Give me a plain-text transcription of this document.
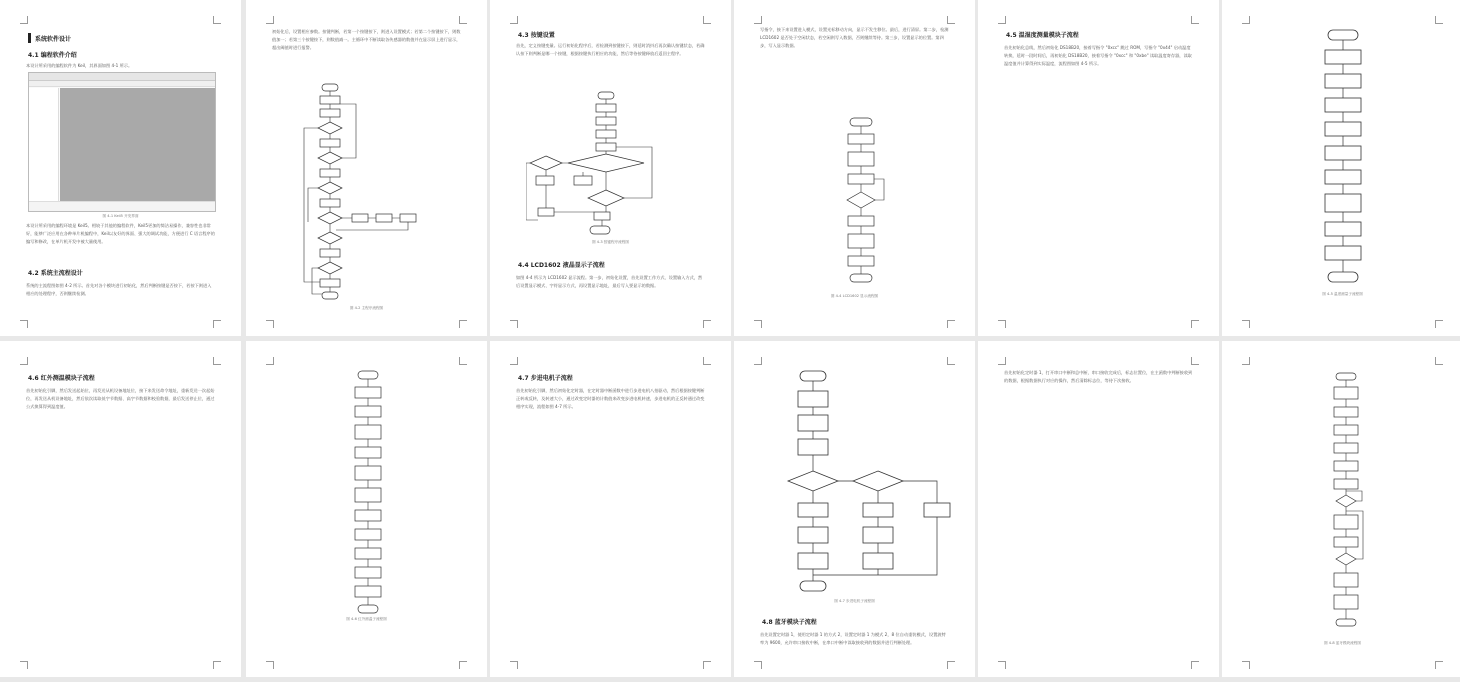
系统软件设计
4.1 编程软件介绍
本设计所采用的编程软件为 Keil，其界面如图 4-1 所示。
图 4-1 Keil5 开发界面
本设计所采用的编程环境是 Keil5。相较于其他的编程软件，Keil5更加的简洁易操作，兼容性也非常好，能够广泛应用在各种单片机编程中，Keil以友好的界面、强大的调试功能，方便进行 C 语言程序的编写和修改，在单片机开发中被大量使用。
4.2 系统主流程设计
系统的主流程图如图 4-2 所示。首先对各个模块进行初始化，然后判断按键是否按下，若按下则进入相应的处理程序，否则继续检测。
初始化后，设置相应参数。按键判断，若第一个按键按下，则进入设置模式；若第二个按键按下，则数值加一；若第三个按键按下，则数值减一。主循环中不断读取各传感器的数值并在显示屏上进行显示，超出阈值时进行报警。
图 4-2 主程序流程图
4.3 按键设置
首先，定义按键变量。运行初始化程序后，若检测到按键按下，则延时消抖后再次确认按键状态，若确认按下则判断是哪一个按键，根据按键执行相应的功能，然后等待按键释放后返回主程序。
图 4-3 按键程序流程图
4.4 LCD1602 液晶显示子流程
如图 4-4 所示为 LCD1602 显示流程。第一步，初始化设置，首先设置工作方式、设置输入方式，然后设置显示模式、字符显示方式，再设置显示地址，最后写入要显示的数据。
写指令，接下来设置进入模式，设置光标移动方向，显示不发生移位。最后，进行清屏。第二步，检测 LCD1602 是否处于空闲状态，若空闲则写入数据，否则继续等待。第三步，设置显示的位置。第四步，写入显示数据。
图 4-4 LCD1602 显示流程图
4.5 温湿度测量模块子流程
首先初始化总线，然后初始化 DS18B20，接着写指令 "0xcc" 跳过 ROM，写指令 "0x44" 启动温度转换，延时一段时间后，再初始化 DS18B20，接着写指令 "0xcc" 和 "0xbe" 读取温度寄存器，读取温度值并计算得到实际温度，流程图如图 4-5 所示。
图 4-5 温度测量子流程图
4.6 红外测温模块子流程
首先初始化引脚，然后发送起始位，再发送从机设备地址位，接下来发送命令地址，重新发送一次起始位，再发送从机设备地址，然后依次读取低字节数据、高字节数据和校验数据，最后发送停止位，通过公式换算得到温度值。
图 4-6 红外测温子流程图
4.7 步进电机子流程
首先初始化引脚，然后初始化定时器，在定时器中断函数中进行步进电机八拍驱动，然后根据按键判断正转或反转，及转速大小，通过改变定时器的计数值来改变步进电机转速，步进电机的正反转通过改变相序实现，流程如图 4-7 所示。
图 4-7 步进电机子流程图
4.8 蓝牙模块子流程
首先设置定时器 1，使用定时器 1 的方式 2，设置定时器 1 为模式 2，8 位自动重装模式，设置波特率为 9600，允许串口接收中断，在串口中断中读取接收到的数据并进行判断处理。
首先初始化定时器 1，打开串口中断和总中断，串口接收完成后，标志位置位，在主函数中判断接收到的数据，根据数据执行对应的操作，然后清除标志位，等待下次接收。
图 4-8 蓝牙模块流程图
